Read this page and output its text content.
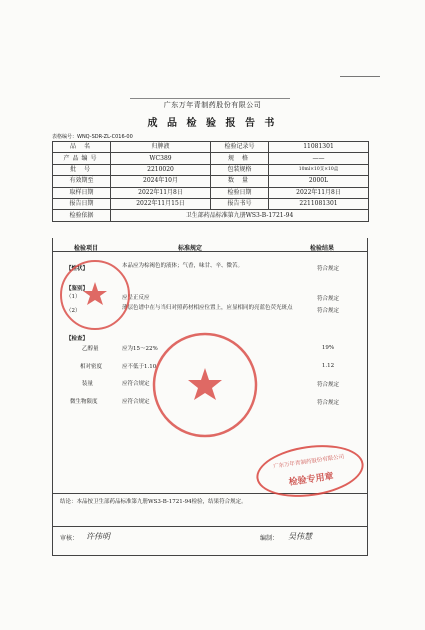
广东万年青制药股份有限公司
成 品 检 验 报 告 书
表格编号：WNQ-SDR-ZL-C016-00
品 名	归脾液	检验记录号	11081301
产品编号	WC389	规 格	——
批 号	2210020	包装规格	10ml×10支×10盒
有效期至	2024年10月	数 量	2000L
取样日期	2022年11月8日	检验日期	2022年11月8日
报告日期	2022年11月15日	报告书号	2211081301
检验依据	卫生部药品标准第九册WS3-B-1721-94		
检验项目	标准规定	检验结果
【性状】	本品应为棕褐色的液体；气香，味甘、辛、微苦。	符合规定
【鉴别】
（1）	应呈正反应	符合规定
（2）	薄层色谱中在与当归对照药材相应位置上，应显相同的亮蓝色荧光斑点	符合规定
【检查】
乙醇量	应为15～22%	19%
相对密度	应不低于1.10	1.12
装量	应符合规定	符合规定
微生物限度	应符合规定	符合规定
结论：本品按卫生部药品标准第九册WS3-B-1721-94检验，结果符合规定。
审核： 许伟明	编制： 吴伟慧
广东万年青制药股份有限公司
检验专用章
